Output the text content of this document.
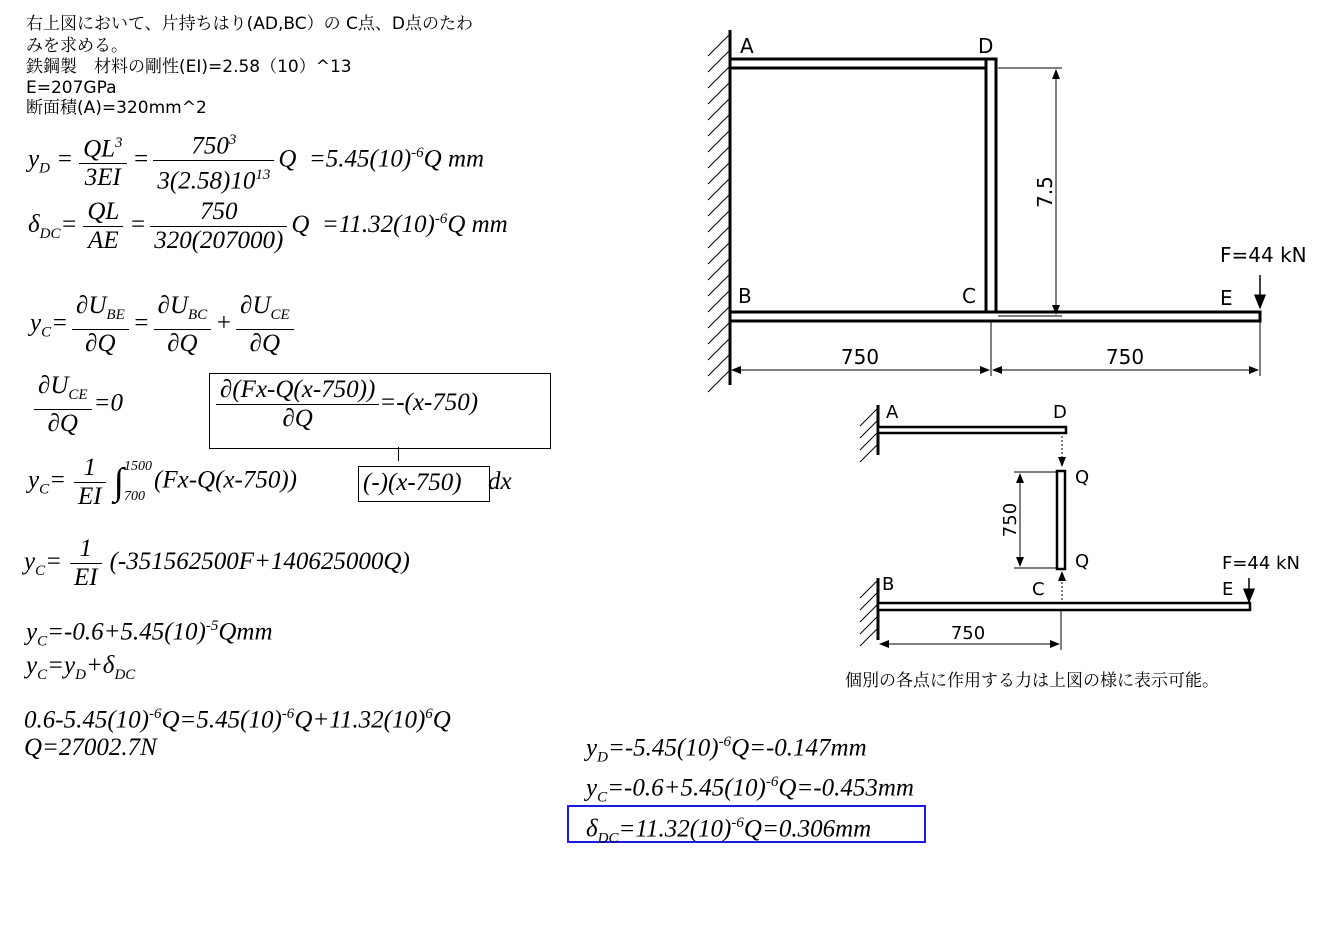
右上図において、片持ちはり(AD,BC）の C点、D点のたわ
みを求める。
鉄鋼製　材料の剛性(EI)=2.58（10）^13
E=207GPa
断面積(A)=320mm^2
$y_D = \frac{QL^3}{3EI} = \frac{750^3}{3(2.58)10^{13}}$ $Q =5.45(10)^{-6}Q$ mm
$\delta_{DC}= \frac{QL}{AE} = \frac{750}{320(207000)}$ $Q =11.32(10)^{-6}Q$ mm
$y_C= \frac{\partial U_{BE}}{\partial Q} = \frac{\partial U_{BC}}{\partial Q} + \frac{\partial U_{CE}}{\partial Q}$
$\frac{\partial U_{CE}}{\partial Q} =0$	$\frac{\partial(Fx-Q(x-750))}{\partial Q} =-(x-750)$
$y_C= \frac{1}{EI}$ ∫ 1500
700
(Fx-Q(x-750))	(-)(x-750)	dx
$y_C= \frac{1}{EI} (-351562500F+140625000Q)$
$y_C=-0.6+5.45(10)^{-5}Qmm$
$y_C=y_D+\delta_{DC}$
$0.6-5.45(10)^{-6}Q=5.45(10)^{-6}Q+11.32(10)^6Q$
Q=27002.7N	$y_D=-5.45(10)^{-6}Q=-0.147mm$
$y_C=-0.6+5.45(10)^{-6}Q=-0.453mm$
$\delta_{DC}=11.32(10)^{-6}Q=0.306mm$
A	D
B	C	E
F=44 kN
7.5
750	750
A	D
Q
Q
750
B	C	E
F=44 kN
750
個別の各点に作用する力は上図の様に表示可能。
